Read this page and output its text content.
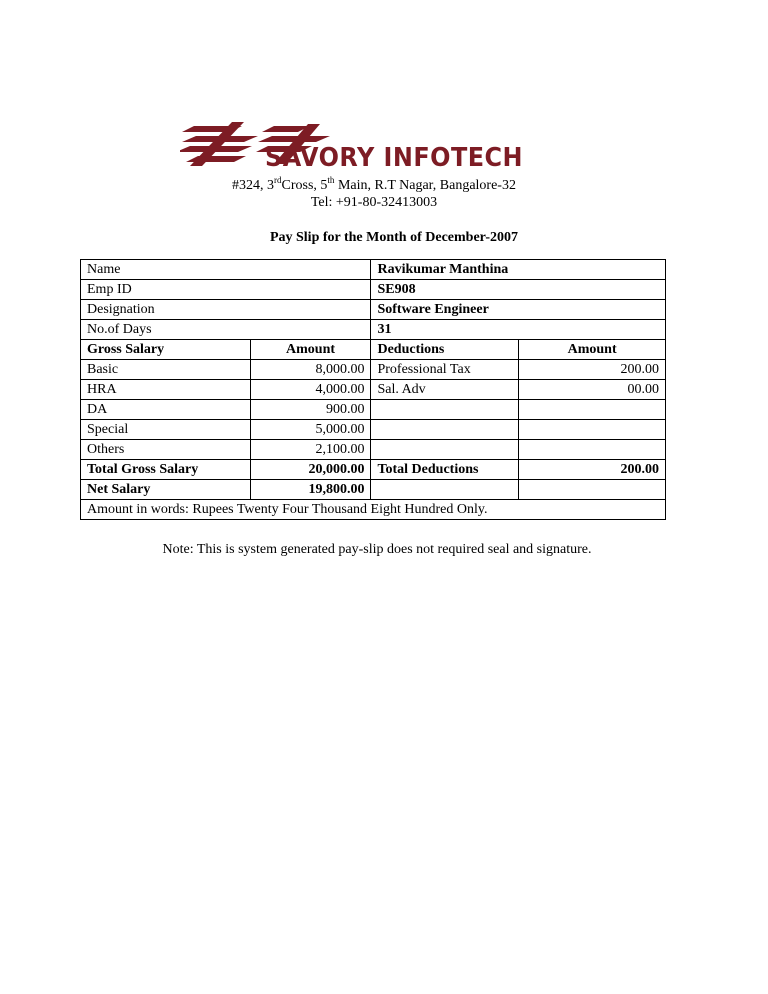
SAVORY INFOTECH
#324, 3rdCross, 5th Main, R.T Nagar, Bangalore-32
Tel: +91-80-32413003
Pay Slip for the Month of December-2007
Name		Ravikumar Manthina	
Emp ID		SE908	
Designation		Software Engineer	
No.of Days		31	
Gross Salary	Amount	Deductions	Amount
Basic	8,000.00	Professional Tax	200.00
HRA	4,000.00	Sal. Adv	00.00
DA	900.00		
Special	5,000.00		
Others	2,100.00		
Total Gross Salary	20,000.00	Total Deductions	200.00
Net Salary	19,800.00		
Amount in words: Rupees Twenty Four Thousand Eight Hundred Only.			
Note: This is system generated pay-slip does not required seal and signature.
